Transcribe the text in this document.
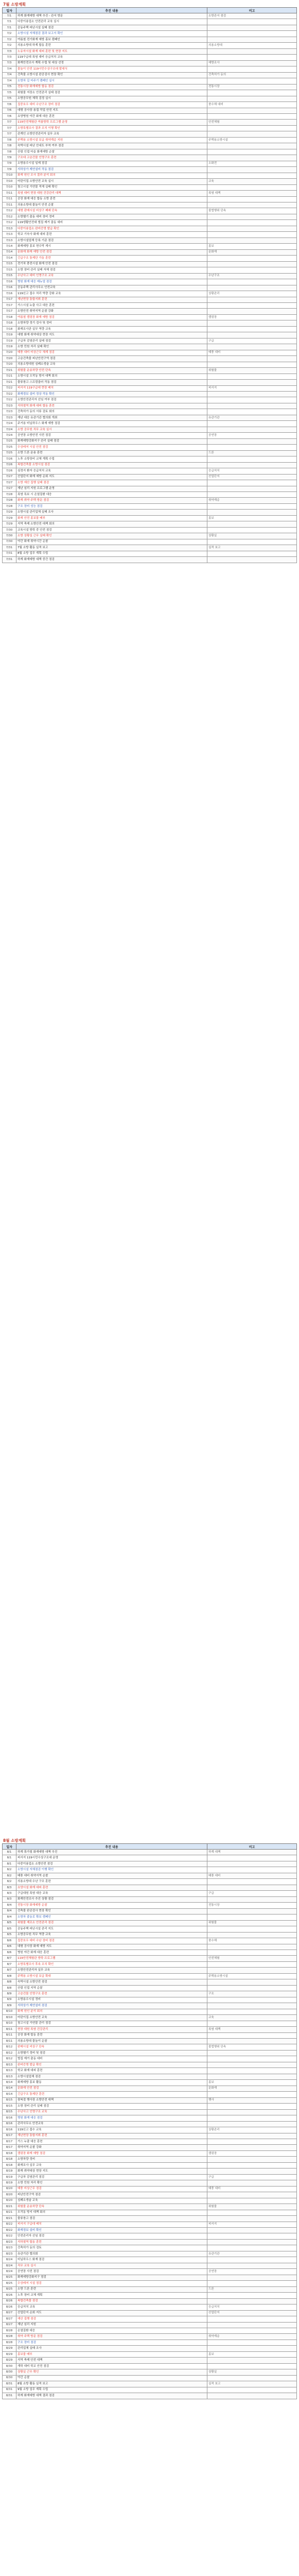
7월 소방계획
일자	추진 내용	비고
7/1	하계 화재예방 대책 추진 - 관서 방문	소방관서 점검
7/1	다중이용업소 안전관리 교육 실시	
7/1	공동주택 피난시설 실태 점검	
7/2	소방시설 자체점검 결과 보고서 확인	
7/2	여름철 전기화재 예방 홍보 캠페인	
7/2	의용소방대 하계 합동 훈련	의용소방대
7/3	노유자시설 화재 대피 훈련 및 현장 지도	
7/3	119구급대 폭염 대비 응급처치 교육	
7/3	화재안전조사 계획 수립 및 대상 선정	예방조사
7/4	물놀이 안전 119시민수상구조대 발대식	
7/4	건축물 소방시설 완공검사 현장 확인	건축허가 동의
7/4	소방차 길 터주기 캠페인 실시	
7/5	전통시장 화재예방 합동 점검	전통시장
7/5	위험물 저장소 안전관리 실태 점검	
7/5	소방공무원 체력 검정 실시	
7/6	집중호우 대비 수난구조 장비 점검	풍수해 대비
7/6	대형 공사장 용접 작업 안전 지도	
7/6	요양병원 야간 화재 대응 훈련	
7/7	119안전체험관 여름방학 프로그램 운영	안전체험
7/7	소방특별조사 결과 조치 이행 확인	
7/7	관계인 소방안전관리자 실무 교육	
7/8	주택용 소방시설 보급 취약계층 지원	주택용소방시설
7/8	숙박시설 피난 안내도 부착 여부 점검	
7/8	산림 인접 마을 화재예방 순찰	
7/9	구조대 고층건물 인명구조 훈련	
7/9	소방용수시설 일제 점검	소화전
7/9	지하상가 제연설비 작동 점검	
7/10	화재 원인 조사 결과 분석 회의	
7/10	어린이집 소방안전 교육 실시	교육
7/10	창고시설 가연물 적재 실태 확인	
7/11	폭염 대비 현장 대원 건강관리 대책	폭염 대책
7/11	공장 화재 대응 합동 소방 훈련	
7/11	의용소방대 물놀이 안전 순찰	
7/12	대형 판매시설 비상구 폐쇄 단속	불법행위 단속
7/12	소방헬기 출동 대비 장비 정비	
7/12	119생활안전대 벌집 제거 출동 대비	
7/13	다중이용업소 완비증명 발급 확인	
7/13	학교 기숙사 화재 대피 훈련	
7/13	소방시설업체 등록 기준 점검	
7/14	화재예방 홍보 현수막 게시	홍보
7/14	문화재 화재 예방 안전 점검	문화재
7/14	긴급구조 통제단 가동 훈련	
7/15	전기차 충전시설 화재 안전 점검	
7/15	소방 장비 관리 실태 자체 점검	
7/15	수난사고 대비 인명구조 교육	수난구조
7/16	병원 화재 대응 매뉴얼 점검	
7/16	공동주택 관리사무소 안전교육	
7/16	119신고 접수 처리 역량 강화 교육	상황관리
7/17	재난현장 통합지휘 훈련	
7/17	가스시설 누출 사고 대응 훈련	
7/17	소방안전 취약지역 순찰 강화	
7/18	여름철 캠핑장 화재 예방 점검	캠핑장
7/18	소방차량 정기 검사 및 정비	
7/18	화재조사관 실무 역량 교육	
7/19	대형 화재 취약대상 현장 지도	
7/19	구급차 감염관리 실태 점검	구급
7/19	소방 민원 처리 실태 확인	
7/20	태풍 대비 비상근무 체계 점검	태풍 대비
7/20	고층건축물 피난안전구역 점검	
7/20	의용소방대원 심폐소생술 교육	
7/21	위험물 운송차량 안전 단속	위험물
7/21	소방시설 오작동 방지 대책 회의	
7/21	물류창고 스프링클러 작동 점검	
7/22	피서지 119구급대 현장 배치	피서지
7/22	화재경보 설비 정상 작동 확인	
7/22	소방안전관리자 선임 여부 점검	
7/23	지하철역 화재 대피 합동 훈련	
7/23	건축허가 동의 서류 검토 회의	
7/23	재난 대응 유관기관 협의회 개최	유관기관
7/24	주거용 비닐하우스 화재 예방 점검	
7/24	소방 공무원 직무 교육 실시	
7/24	공연장 소방안전 사전 점검	공연장
7/25	화재예방강화지구 관리 실태 점검	
7/25	수상레저 시설 안전 점검	
7/25	소방 드론 운용 훈련	드론
7/26	노후 소방장비 교체 계획 수립	
7/26	복합건축물 소방시설 점검	
7/26	심정지 환자 응급처치 교육	응급처치
7/27	산업단지 화재 예방 순회 지도	산업단지
7/27	소방 예산 집행 실태 점검	
7/27	재난 심리 지원 프로그램 운영	
7/28	폭염 특보 시 온열질환 대응	
7/28	화재 취약 주택 방문 점검	취약계층
7/28	구조 장비 성능 점검	
7/29	소방시설 관리업체 실태 조사	
7/29	화재 안전 홍보물 배부	홍보
7/29	지역 축제 소방안전 대책 회의	
7/30	교육시설 방학 중 안전 점검	
7/30	소방 상황실 근무 실태 확인	상황실
7/30	야간 화재 취약시간 순찰	
7/31	7월 소방 활동 실적 보고	실적 보고
7/31	8월 소방 업무 계획 수립	
7/31	하계 화재예방 대책 중간 점검	
8월 소방계획
일자	추진 내용	비고
8/1	하계 휴가철 화재예방 대책 추진	하계 대책
8/1	피서지 119시민수상구조대 운영	
8/1	다중이용업소 소방안전 점검	
8/2	소방시설 자체점검 이행 확인	
8/2	태풍 대비 취약지역 순찰	태풍 대비
8/2	의용소방대 수난 구조 훈련	
8/3	요양시설 화재 대피 훈련	
8/3	구급대원 폭염 대응 교육	구급
8/3	화재안전조사 추진 상황 점검	
8/4	전통시장 화재예방 순찰	전통시장
8/4	건축물 완공검사 현장 확인	
8/4	소방차 출동로 확보 캠페인	
8/5	위험물 제조소 안전관리 점검	위험물
8/5	공동주택 피난시설 관리 지도	
8/5	소방공무원 직무 역량 교육	
8/6	집중호우 대비 수난 장비 점검	풍수해
8/6	대형 공사장 화재 예방 지도	
8/6	병원 야간 화재 대응 훈련	
8/7	119안전체험관 방학 프로그램	안전체험
8/7	소방특별조사 후속 조치 확인	
8/7	소방안전관리자 실무 교육	
8/8	주택용 소방시설 보급 확대	주택용소방시설
8/8	숙박시설 소방안전 점검	
8/8	산림 인접 지역 순찰	
8/9	고층건물 인명구조 훈련	구조
8/9	소방용수시설 정비	
8/9	지하상가 제연설비 점검	
8/10	화재 원인 분석 회의	
8/10	어린이집 소방안전 교육	교육
8/10	창고시설 가연물 관리 점검	
8/11	현장 대원 폭염 건강관리	폭염 대책
8/11	공장 화재 합동 훈련	
8/11	의용소방대 물놀이 순찰	
8/12	판매시설 비상구 단속	불법행위 단속
8/12	소방헬기 정비 및 점검	
8/12	벌집 제거 출동 대비	
8/13	완비증명 발급 확인	
8/13	학교 화재 대피 훈련	
8/13	소방시설업체 점검	
8/14	화재예방 홍보 활동	홍보
8/14	문화재 안전 점검	문화재
8/14	긴급구조 통제단 훈련	
8/15	광복절 행사장 소방안전 대책	행사
8/15	소방 장비 관리 실태 점검	
8/15	수난사고 인명구조 교육	
8/16	병원 화재 대응 점검	
8/16	관리사무소 안전교육	
8/16	119신고 접수 교육	상황관리
8/17	재난현장 통합지휘 훈련	
8/17	가스 누출 대응 훈련	
8/17	취약지역 순찰 강화	
8/18	캠핑장 화재 예방 점검	캠핑장
8/18	소방차량 정비	
8/18	화재조사 실무 교육	
8/19	화재 취약대상 현장 지도	
8/19	구급차 감염관리 점검	구급
8/19	소방 민원 처리 확인	
8/20	태풍 비상근무 점검	태풍 대비
8/20	피난안전구역 점검	
8/20	심폐소생술 교육	
8/21	위험물 운송차량 단속	위험물
8/21	오작동 방지 대책 회의	
8/21	물류창고 점검	
8/22	피서지 구급대 배치	피서지
8/22	화재경보 설비 확인	
8/22	안전관리자 선임 점검	
8/23	지하철역 합동 훈련	
8/23	건축허가 동의 검토	
8/23	유관기관 협의회	유관기관
8/24	비닐하우스 화재 점검	
8/24	직무 교육 실시	
8/24	공연장 사전 점검	공연장
8/25	화재예방강화지구 점검	
8/25	수상레저 시설 점검	
8/25	소방 드론 훈련	드론
8/26	노후 장비 교체 계획	
8/26	복합건축물 점검	
8/26	응급처치 교육	응급처치
8/27	산업단지 순회 지도	산업단지
8/27	예산 집행 점검	
8/27	재난 심리 지원	
8/28	온열질환 대응	
8/28	취약 주택 방문 점검	취약계층
8/28	구조 장비 점검	
8/29	관리업체 실태 조사	
8/29	홍보물 배부	홍보
8/29	지역 축제 안전 대책	
8/30	개학 대비 학교 안전 점검	
8/30	상황실 근무 확인	상황실
8/30	야간 순찰	
8/31	8월 소방 활동 실적 보고	실적 보고
8/31	9월 소방 업무 계획 수립	
8/31	하계 화재예방 대책 결과 점검	
